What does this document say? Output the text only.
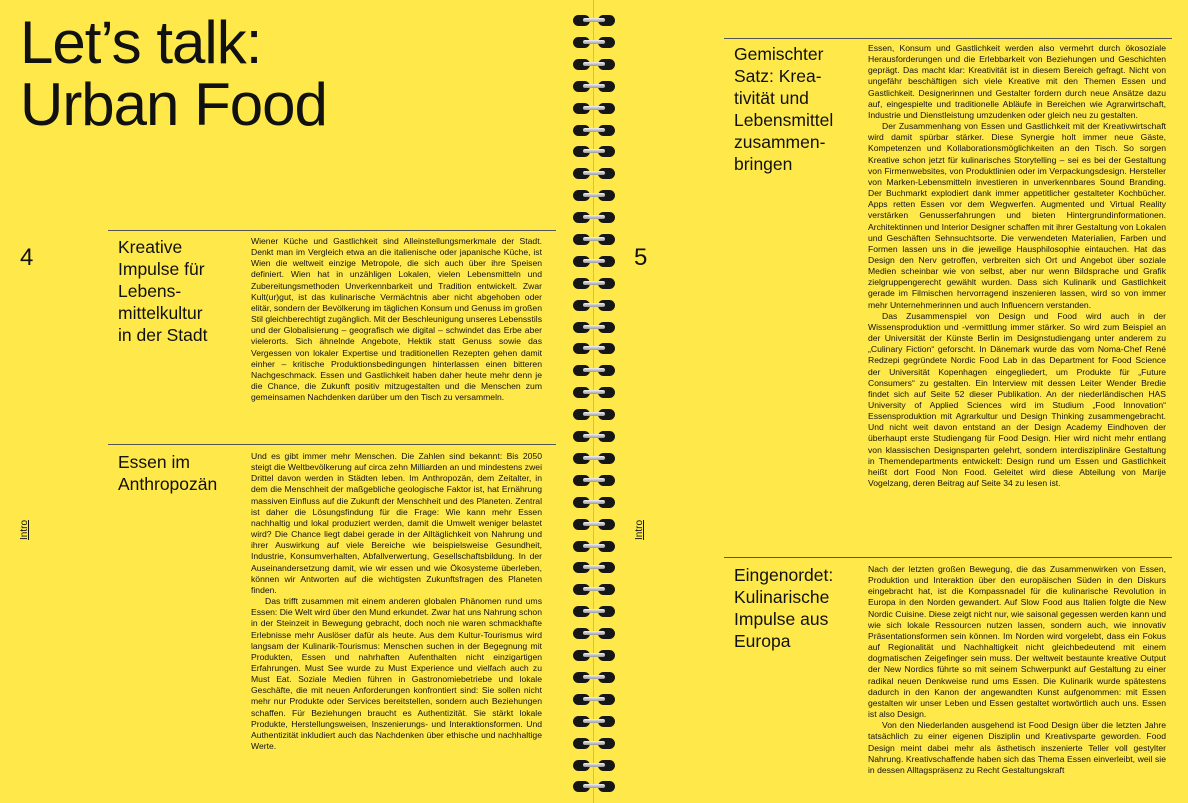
Let’s talk:
Urban Food
4
Intro
Kreative
Impulse für
Lebens-
mittelkultur
in der Stadt

Wiener Küche und Gastlichkeit sind Alleinstellungsmerkmale der Stadt. Denkt man im Vergleich etwa an die italienische oder japanische Küche, ist Wien die weltweit einzige Metropole, die sich auch über ihre Speisen definiert. Wien hat in unzähligen Lokalen, vielen Lebensmitteln und Zubereitungsmethoden Unverkennbarkeit und Tradition entwickelt. Zwar Kult(ur)gut, ist das kulinarische Vermächtnis aber nicht abgehoben oder elitär, sondern der Bevölkerung im täglichen Konsum und Genuss im großen Stil gleichberechtigt zugänglich. Mit der Beschleunigung unseres Lebensstils und der Globalisierung – geografisch wie digital – schwindet das Erbe aber vielerorts. Sich ähnelnde Angebote, Hektik statt Genuss sowie das Vergessen von lokaler Expertise und traditionellen Rezepten gehen damit einher – kritische Produktionsbedingungen hinterlassen einen bitteren Nachgeschmack. Essen und Gastlichkeit haben daher heute mehr denn je die Chance, die Zukunft positiv mitzugestalten und die Menschen zum gemeinsamen Nachdenken darüber um den Tisch zu versammeln.

Essen im
Anthropozän

Und es gibt immer mehr Menschen. Die Zahlen sind bekannt: Bis 2050 steigt die Weltbevölkerung auf circa zehn Milliarden an und mindestens zwei Drittel davon werden in Städten leben. Im Anthropozän, dem Zeitalter, in dem die Menschheit der maßgebliche geologische Faktor ist, hat Ernährung massiven Einfluss auf die Zukunft der Menschheit und des Planeten. Zentral ist daher die Lösungsfindung für die Frage: Wie kann mehr Essen nachhaltig und lokal produziert werden, damit die Umwelt weniger belastet wird? Die Chance liegt dabei gerade in der Alltäglichkeit von Nahrung und ihrer Auswirkung auf viele Bereiche wie beispielsweise Gesundheit, Industrie, Konsumverhalten, Abfallverwertung, Gesellschaftsbildung. In der Auseinandersetzung damit, wie wir essen und wie Ökosysteme überleben, können wir Antworten auf die wichtigsten Zukunftsfragen des Planeten finden.

Das trifft zusammen mit einem anderen globalen Phänomen rund ums Essen: Die Welt wird über den Mund erkundet. Zwar hat uns Nahrung schon in der Steinzeit in Bewegung gebracht, doch noch nie waren schmackhafte Erlebnisse mehr Auslöser dafür als heute. Aus dem Kultur-Tourismus wird langsam der Kulinarik-Tourismus: Menschen suchen in der Begegnung mit Produkten, Essen und nahrhaften Aufenthalten nicht einzigartigen Erfahrungen. Must See wurde zu Must Experience und vielfach auch zu Must Eat. Soziale Medien führen in Gastronomiebetriebe und lokale Geschäfte, die mit neuen Anforderungen konfrontiert sind: Sie sollen nicht mehr nur Produkte oder Services bereitstellen, sondern auch Beziehungen schaffen. Für Beziehungen braucht es Authentizität. Sie stärkt lokale Produkte, Herstellungsweisen, Inszenierungs- und Interaktionsformen. Und Authentizität inkludiert auch das Nachdenken über ethische und nachhaltige Werte.

5
Intro
Gemischter
Satz: Krea-
tivität und
Lebensmittel
zusammen-
bringen

Essen, Konsum und Gastlichkeit werden also vermehrt durch ökosoziale Herausforderungen und die Erlebbarkeit von Beziehungen und Geschichten geprägt. Das macht klar: Kreativität ist in diesem Bereich gefragt. Nicht von ungefähr beschäftigen sich viele Kreative mit den Themen Essen und Gastlichkeit. Designerinnen und Gestalter fordern durch neue Ansätze dazu auf, eingespielte und traditionelle Abläufe in Bereichen wie Agrarwirtschaft, Industrie und Dienstleistung umzudenken oder gleich neu zu gestalten.

Der Zusammenhang von Essen und Gastlichkeit mit der Kreativwirtschaft wird damit spürbar stärker. Diese Synergie holt immer neue Gäste, Kompetenzen und Kollaborationsmöglichkeiten an den Tisch. So sorgen Kreative schon jetzt für kulinarisches Storytelling – sei es bei der Gestaltung von Firmenwebsites, von Produktlinien oder im Verpackungsdesign. Hersteller von Marken-Lebensmitteln investieren in unverkennbares Sound Branding. Der Buchmarkt explodiert dank immer appetitlicher gestalteter Kochbücher. Apps retten Essen vor dem Wegwerfen. Augmented und Virtual Reality verstärken Genusserfahrungen und bieten Hintergrundinformationen. Architektinnen und Interior Designer schaffen mit ihrer Gestaltung von Lokalen und Geschäften Sehnsuchtsorte. Die verwendeten Materialien, Farben und Formen lassen uns in die jeweilige Hausphilosophie eintauchen. Hat das Design den Nerv getroffen, verbreiten sich Ort und Angebot über soziale Medien scheinbar wie von selbst, aber nur wenn Bildsprache und Grafik zielgruppengerecht gewählt wurden. Dass sich Kulinarik und Gastlichkeit gerade im Filmischen hervorragend inszenieren lassen, wird so von immer mehr Unternehmerinnen und auch Influencern verstanden.

Das Zusammenspiel von Design und Food wird auch in der Wissensproduktion und -vermittlung immer stärker. So wird zum Beispiel an der Universität der Künste Berlin im Designstudiengang unter anderem zu „Culinary Fiction“ geforscht. In Dänemark wurde das vom Noma-Chef René Redzepi gegründete Nordic Food Lab in das Department for Food Science der Universität Kopenhagen eingegliedert, um Produkte für „Future Consumers“ zu gestalten. Ein Interview mit dessen Leiter Wender Bredie findet sich auf Seite 52 dieser Publikation. An der niederländischen HAS University of Applied Sciences wird im Studium „Food Innovation“ Essensproduktion mit Agrarkultur und Design Thinking zusammengebracht. Und nicht weit davon entstand an der Design Academy Eindhoven der überhaupt erste Studiengang für Food Design. Hier wird nicht mehr entlang von klassischen Designsparten gelehrt, sondern interdisziplinäre Gestaltung in Themendepartments entwickelt: Design rund um Essen und Gastlichkeit heißt dort Food Non Food. Geleitet wird diese Abteilung von Marije Vogelzang, deren Beitrag auf Seite 34 zu lesen ist.

Eingenordet:
Kulinarische
Impulse aus
Europa

Nach der letzten großen Bewegung, die das Zusammenwirken von Essen, Produktion und Interaktion über den europäischen Süden in den Diskurs eingebracht hat, ist die Kompassnadel für die kulinarische Revolution in Europa in den Norden gewandert. Auf Slow Food aus Italien folgte die New Nordic Cuisine. Diese zeigt nicht nur, wie saisonal gegessen werden kann und wie sich lokale Ressourcen nutzen lassen, sondern auch, wie innovativ Präsentationsformen sein können. Im Norden wird vorgelebt, dass ein Fokus auf Regionalität und Nachhaltigkeit nicht gleichbedeutend mit einem dogmatischen Zeigefinger sein muss. Der weltweit bestaunte kreative Output der New Nordics führte so mit seinem Schwerpunkt auf Gestaltung zu einer radikal neuen Denkweise rund ums Essen. Die Kulinarik wurde spätestens dadurch in den Kanon der angewandten Kunst aufgenommen: mit Essen gestalten wir unser Leben und Essen gestaltet wortwörtlich auch uns. Essen ist also Design.

Von den Niederlanden ausgehend ist Food Design über die letzten Jahre tatsächlich zu einer eigenen Disziplin und Kreativsparte geworden. Food Design meint dabei mehr als ästhetisch inszenierte Teller voll gestylter Nahrung. Kreativschaffende haben sich das Thema Essen einverleibt, weil sie in dessen Alltagspräsenz zu Recht Gestaltungskraft
